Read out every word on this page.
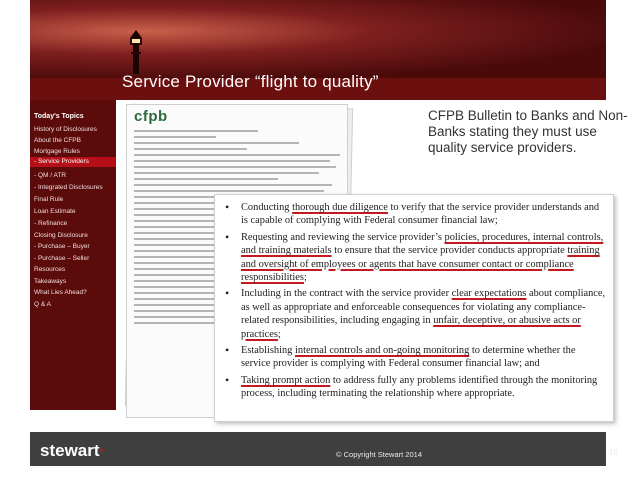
Service Provider “flight to quality”
Today's Topics
History of Disclosures
About the CFPB
Mortgage Rules
- Service Providers
- QM / ATR
- Integrated Disclosures
Final Rule
Loan Estimate
- Refinance
Closing Disclosure
- Purchase – Buyer
- Purchase – Seller
Resources
Takeaways
What Lies Ahead?
Q & A
cfpb	CFPB Bulletin to Banks and Non-Banks stating they must use quality service providers.
• Conducting thorough due diligence to verify that the service provider understands and is capable of complying with Federal consumer financial law;
• Requesting and reviewing the service provider’s policies, procedures, internal controls, and training materials to ensure that the service provider conducts appropriate training and oversight of employees or agents that have consumer contact or compliance responsibilities;
• Including in the contract with the service provider clear expectations about compliance, as well as appropriate and enforceable consequences for violating any compliance-related responsibilities, including engaging in unfair, deceptive, or abusive acts or practices;
• Establishing internal controls and on-going monitoring to determine whether the service provider is complying with Federal consumer financial law; and
• Taking prompt action to address fully any problems identified through the monitoring process, including terminating the relationship where appropriate.
stewart·	© Copyright Stewart 2014	15
